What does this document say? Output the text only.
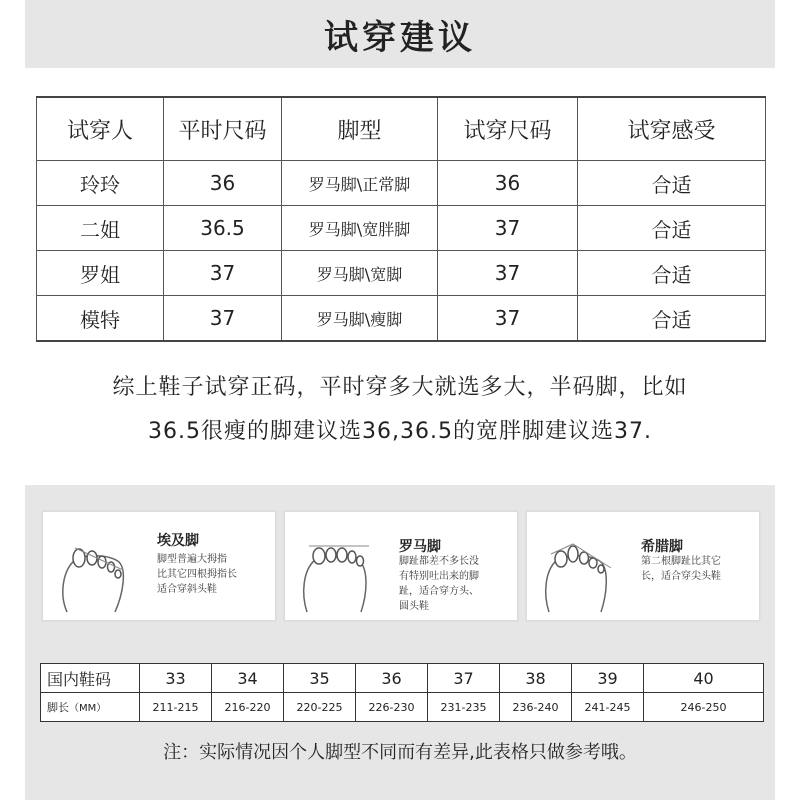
试穿建议
试穿人	平时尺码	脚型	试穿尺码	试穿感受
玲玲	36	罗马脚\正常脚	36	合适
二姐	36.5	罗马脚\宽胖脚	37	合适
罗姐	37	罗马脚\宽脚	37	合适
模特	37	罗马脚\瘦脚	37	合适
综上鞋子试穿正码，平时穿多大就选多大，半码脚，比如
36.5很瘦的脚建议选36,36.5的宽胖脚建议选37.
埃及脚
脚型普遍大拇指
比其它四根拇指长
适合穿斜头鞋
罗马脚
脚趾都差不多长没
有特别吐出来的脚
趾，适合穿方头、
圆头鞋
希腊脚
第二根脚趾比其它
长，适合穿尖头鞋
国内鞋码	33	34	35	36	37	38	39	40
脚长（MM）	211-215	216-220	220-225	226-230	231-235	236-240	241-245	246-250
注：实际情况因个人脚型不同而有差异,此表格只做参考哦。
